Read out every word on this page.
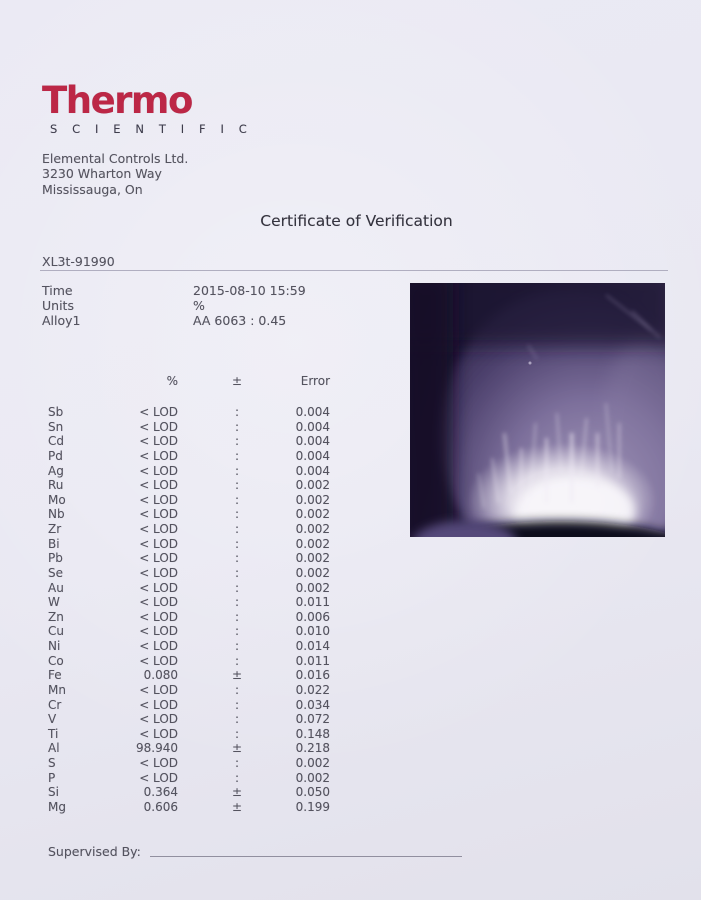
Thermo
S C I E N T I F I C
Elemental Controls Ltd.
3230 Wharton Way
Mississauga, On
Certificate of Verification
XL3t-91990
Time	2015-08-10 15:59
Units	%
Alloy1	AA 6063 : 0.45
%	±	Error
Sb	< LOD	:	0.004
Sn	< LOD	:	0.004
Cd	< LOD	:	0.004
Pd	< LOD	:	0.004
Ag	< LOD	:	0.004
Ru	< LOD	:	0.002
Mo	< LOD	:	0.002
Nb	< LOD	:	0.002
Zr	< LOD	:	0.002
Bi	< LOD	:	0.002
Pb	< LOD	:	0.002
Se	< LOD	:	0.002
Au	< LOD	:	0.002
W	< LOD	:	0.011
Zn	< LOD	:	0.006
Cu	< LOD	:	0.010
Ni	< LOD	:	0.014
Co	< LOD	:	0.011
Fe	0.080	±	0.016
Mn	< LOD	:	0.022
Cr	< LOD	:	0.034
V	< LOD	:	0.072
Ti	< LOD	:	0.148
Al	98.940	±	0.218
S	< LOD	:	0.002
P	< LOD	:	0.002
Si	0.364	±	0.050
Mg	0.606	±	0.199
Supervised By:
